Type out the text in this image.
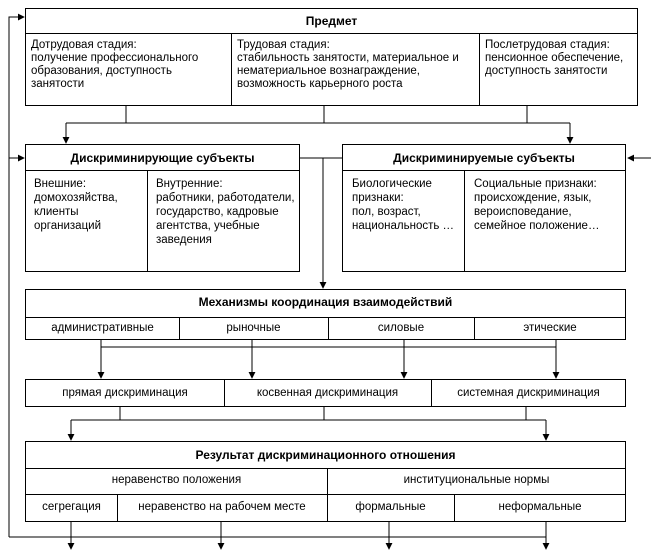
Предмет
Дотрудовая стадия:
получение профессионального образования, доступность занятости
Трудовая стадия:
стабильность занятости, материальное и нематериальное вознаграждение, возможность карьерного роста
Послетрудовая стадия:
пенсионное обеспечение, доступность занятости
Дискриминирующие субъекты
Внешние:
домохозяйства, клиенты организаций
Внутренние:
работники, работодатели, государство, кадровые агентства, учебные заведения
Дискриминируемые субъекты
Биологические признаки:
пол, возраст, национальность …
Социальные признаки:
происхождение, язык, вероисповедание, семейное положение…
Механизмы координация взаимодействий
административные	рыночные	силовые	этические
прямая дискриминация	косвенная дискриминация	системная дискриминация
Результат дискриминационного отношения
неравенство положения	институциональные нормы
сегрегация	неравенство на рабочем месте	формальные	неформальные
